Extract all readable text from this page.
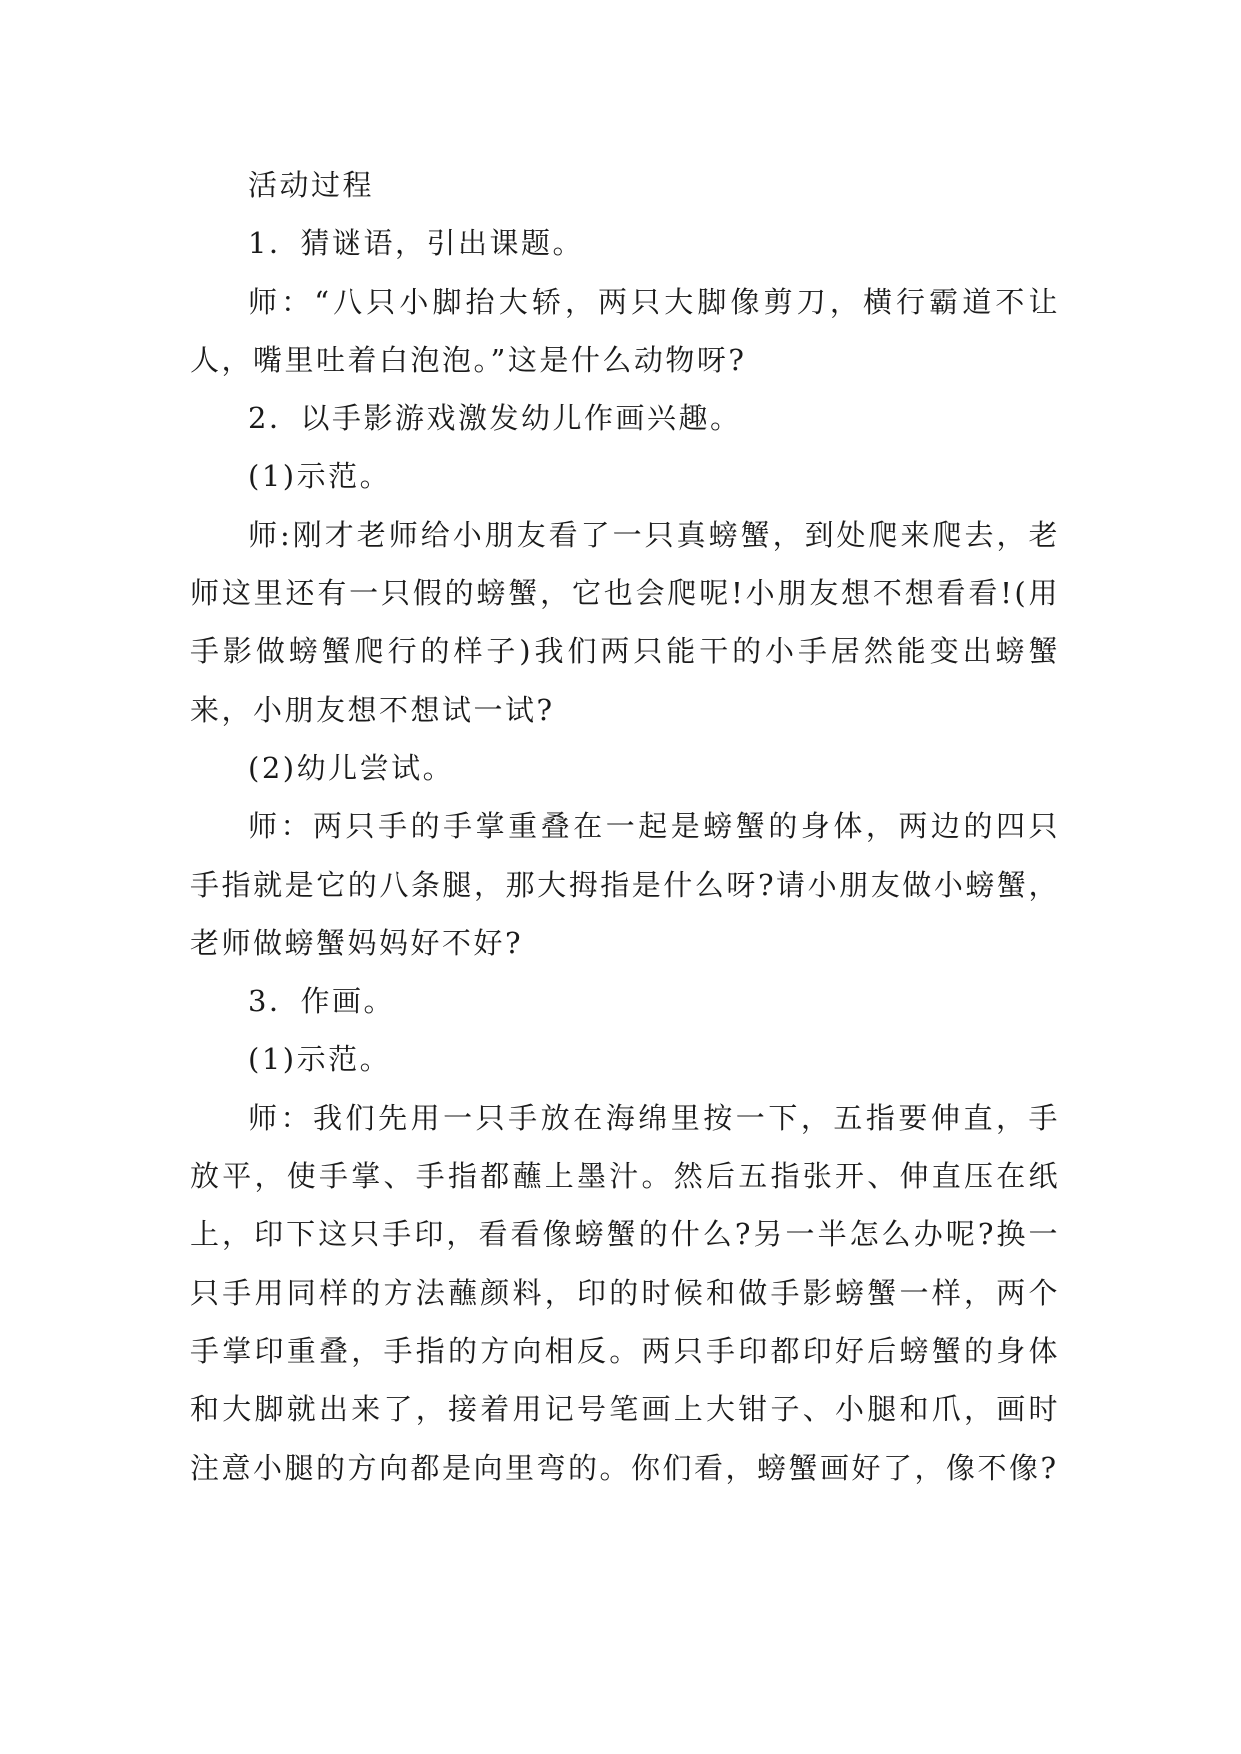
活动过程

1．猜谜语，引出课题。

师：“八只小脚抬大轿，两只大脚像剪刀，横行霸道不让人，嘴里吐着白泡泡。”这是什么动物呀?

2．以手影游戏激发幼儿作画兴趣。

(1)示范。

师:刚才老师给小朋友看了一只真螃蟹，到处爬来爬去，老师这里还有一只假的螃蟹，它也会爬呢!小朋友想不想看看!(用手影做螃蟹爬行的样子)我们两只能干的小手居然能变出螃蟹来，小朋友想不想试一试?

(2)幼儿尝试。

师：两只手的手掌重叠在一起是螃蟹的身体，两边的四只手指就是它的八条腿，那大拇指是什么呀?请小朋友做小螃蟹，老师做螃蟹妈妈好不好?

3．作画。

(1)示范。

师：我们先用一只手放在海绵里按一下，五指要伸直，手放平，使手掌、手指都蘸上墨汁。然后五指张开、伸直压在纸上，印下这只手印，看看像螃蟹的什么?另一半怎么办呢?换一只手用同样的方法蘸颜料，印的时候和做手影螃蟹一样，两个手掌印重叠，手指的方向相反。两只手印都印好后螃蟹的身体和大脚就出来了，接着用记号笔画上大钳子、小腿和爪，画时注意小腿的方向都是向里弯的。你们看，螃蟹画好了，像不像?
